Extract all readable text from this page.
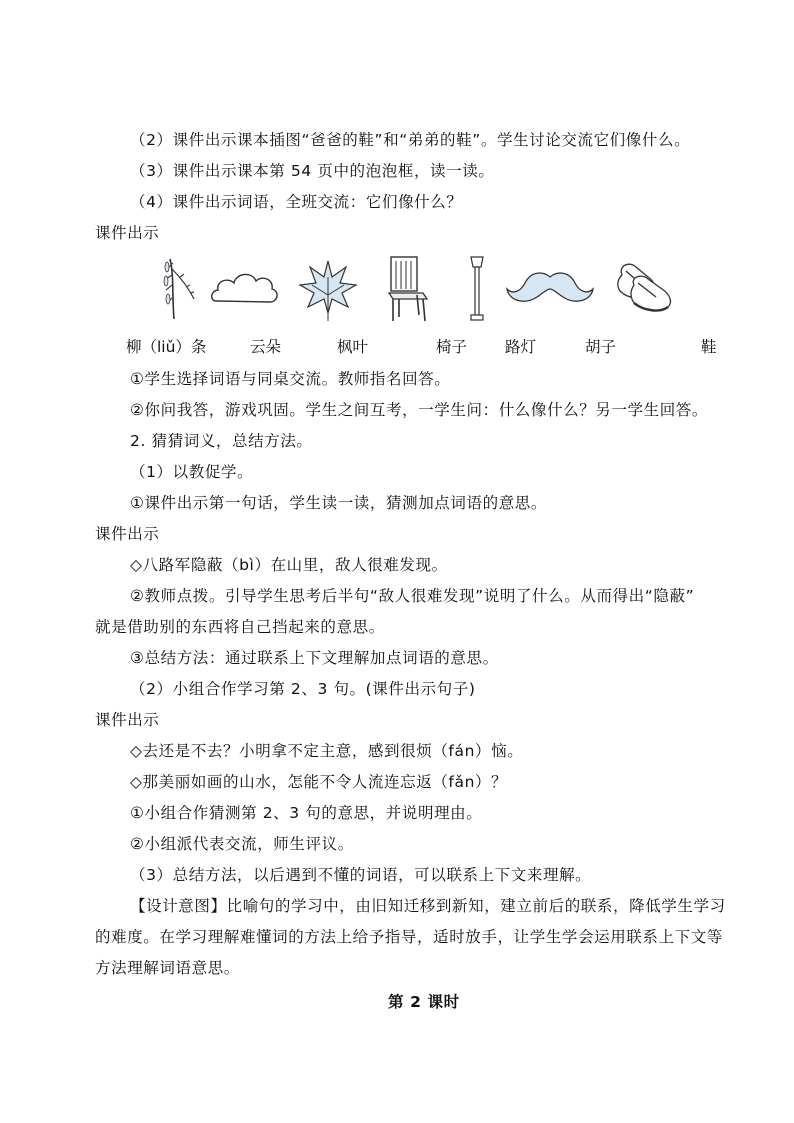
（2）课件出示课本插图“爸爸的鞋”和“弟弟的鞋”。学生讨论交流它们像什么。
（3）课件出示课本第 54 页中的泡泡框，读一读。
（4）课件出示词语，全班交流：它们像什么？
课件出示
柳（liǔ）条	云朵	枫叶	椅子 路灯	胡子	鞋
①学生选择词语与同桌交流。教师指名回答。
②你问我答，游戏巩固。学生之间互考，一学生问：什么像什么？另一学生回答。
2. 猜猜词义，总结方法。
（1）以教促学。
①课件出示第一句话，学生读一读，猜测加点词语的意思。
课件出示
◇八路军隐蔽（bì）在山里，敌人很难发现。
②教师点拨。引导学生思考后半句“敌人很难发现”说明了什么。从而得出“隐蔽”
就是借助别的东西将自己挡起来的意思。
③总结方法：通过联系上下文理解加点词语的意思。
（2）小组合作学习第 2、3 句。(课件出示句子)
课件出示
◇去还是不去？小明拿不定主意，感到很烦（fán）恼。
◇那美丽如画的山水，怎能不令人流连忘返（fǎn）？
①小组合作猜测第 2、3 句的意思，并说明理由。
②小组派代表交流，师生评议。
（3）总结方法，以后遇到不懂的词语，可以联系上下文来理解。
【设计意图】比喻句的学习中，由旧知迁移到新知，建立前后的联系，降低学生学习
的难度。在学习理解难懂词的方法上给予指导，适时放手，让学生学会运用联系上下文等
方法理解词语意思。
第 2 课时
